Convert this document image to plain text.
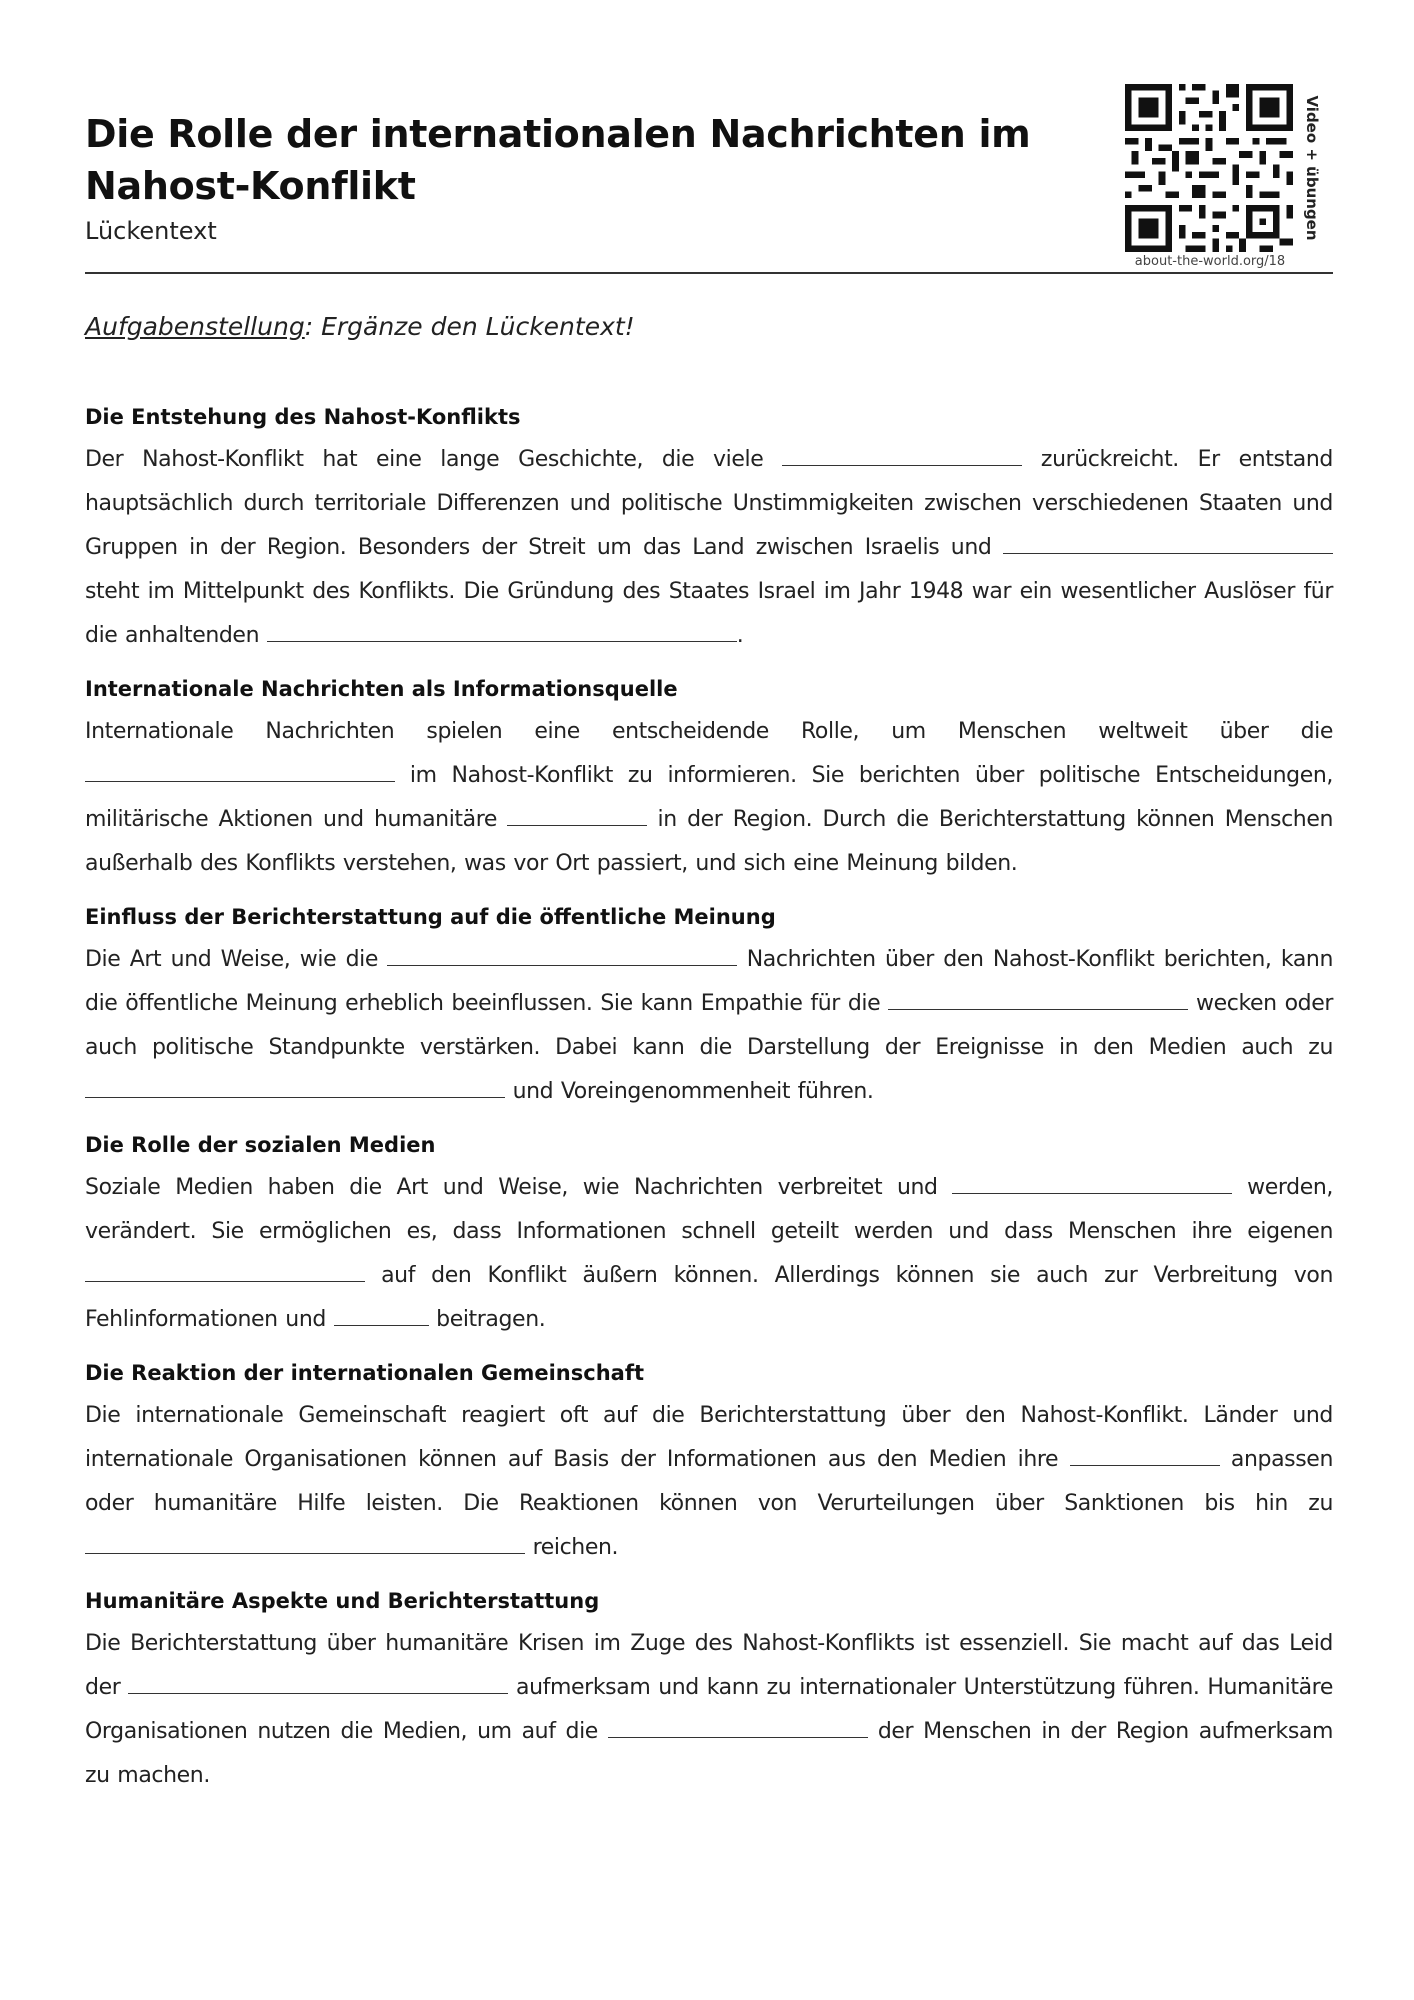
Die Rolle der internationalen Nachrichten im Nahost-Konflikt
Lückentext	Video + übungen
about-the-world.org/18
Aufgabenstellung: Ergänze den Lückentext!
Die Entstehung des Nahost-Konflikts

Der Nahost-Konflikt hat eine lange Geschichte, die viele	zurückreicht. Er entstand hauptsächlich durch territoriale Differenzen und politische Unstimmigkeiten zwischen verschiedenen Staaten und Gruppen in der Region. Besonders der Streit um das Land zwischen Israelis und  steht im Mittelpunkt des Konflikts. Die Gründung des Staates Israel im Jahr 1948 war ein wesentlicher Auslöser für die anhaltenden	.

Internationale Nachrichten als Informationsquelle

Internationale Nachrichten spielen eine entscheidende Rolle, um Menschen weltweit über die  im Nahost-Konflikt zu informieren. Sie berichten über politische Entscheidungen, militärische Aktionen und humanitäre	in der Region. Durch die Berichterstattung können Menschen außerhalb des Konflikts verstehen, was vor Ort passiert, und sich eine Meinung bilden.

Einfluss der Berichterstattung auf die öffentliche Meinung

Die Art und Weise, wie die	Nachrichten über den Nahost-Konflikt berichten, kann die öffentliche Meinung erheblich beeinflussen. Sie kann Empathie für die	wecken oder auch politische Standpunkte verstärken. Dabei kann die Darstellung der Ereignisse in den Medien auch zu  und Voreingenommenheit führen.

Die Rolle der sozialen Medien

Soziale Medien haben die Art und Weise, wie Nachrichten verbreitet und	werden, verändert. Sie ermöglichen es, dass Informationen schnell geteilt werden und dass Menschen ihre eigenen  auf den Konflikt äußern können. Allerdings können sie auch zur Verbreitung von Fehlinformationen und	beitragen.

Die Reaktion der internationalen Gemeinschaft

Die internationale Gemeinschaft reagiert oft auf die Berichterstattung über den Nahost-Konflikt. Länder und internationale Organisationen können auf Basis der Informationen aus den Medien ihre	anpassen oder humanitäre Hilfe leisten. Die Reaktionen können von Verurteilungen über Sanktionen bis hin zu  reichen.

Humanitäre Aspekte und Berichterstattung

Die Berichterstattung über humanitäre Krisen im Zuge des Nahost-Konflikts ist essenziell. Sie macht auf das Leid der	aufmerksam und kann zu internationaler Unterstützung führen. Humanitäre Organisationen nutzen die Medien, um auf die	der Menschen in der Region aufmerksam zu machen.
